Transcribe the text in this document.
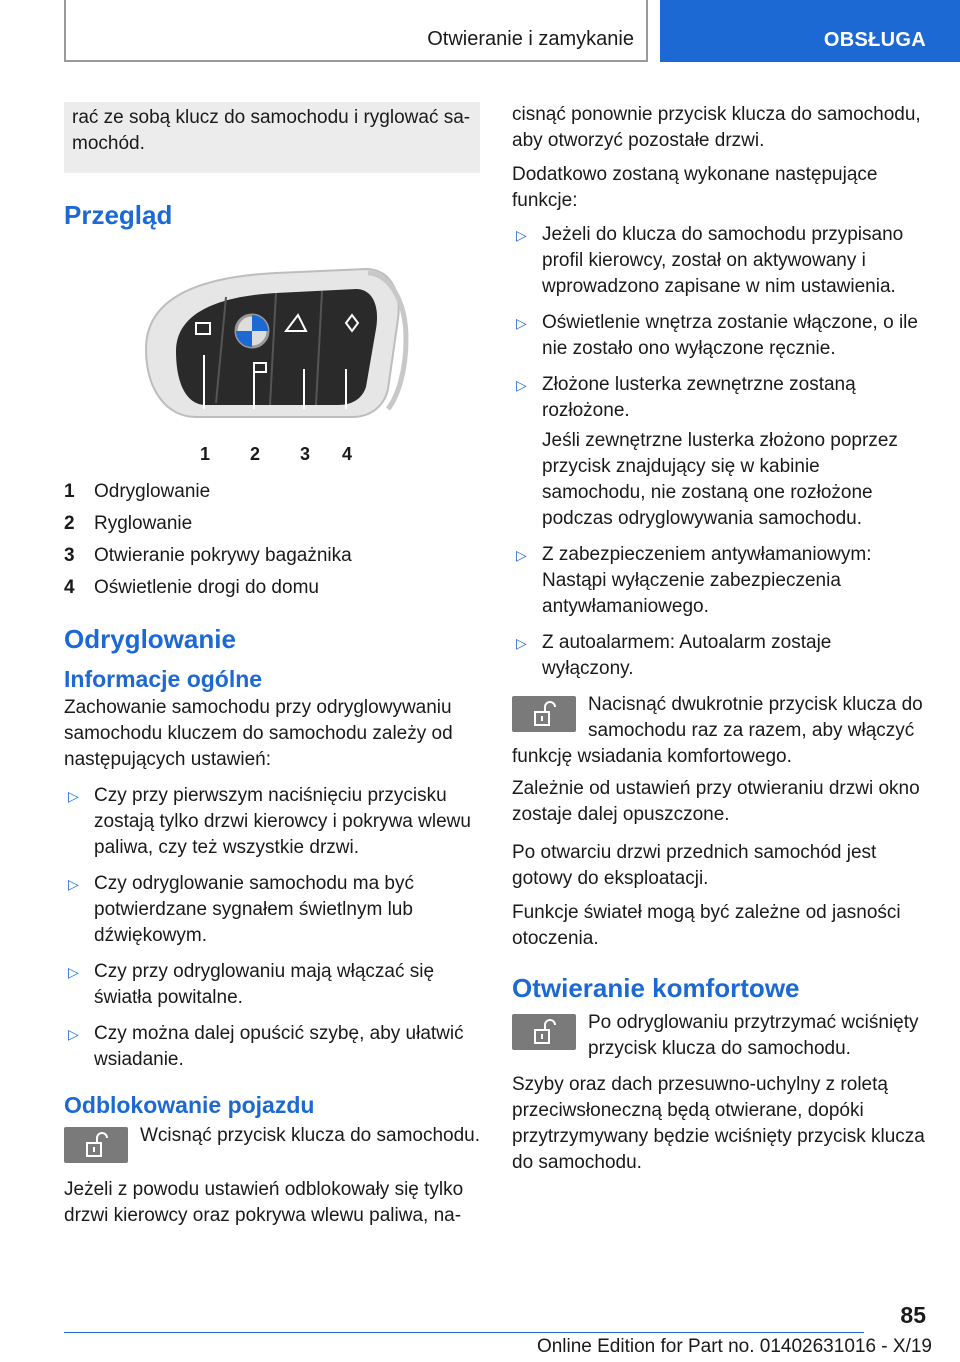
Otwieranie i zamykanie	OBSŁUGA

rać ze sobą klucz do samochodu i ryglować sa-mochód.

Przegląd
1 2 3 4
1	Odryglowanie
2	Ryglowanie
3	Otwieranie pokrywy bagażnika
4	Oświetlenie drogi do domu
Odryglowanie
Informacje ogólne

Zachowanie samochodu przy odryglowywaniu samochodu kluczem do samochodu zależy od następujących ustawień:

▷ Czy przy pierwszym naciśnięciu przycisku zostają tylko drzwi kierowcy i pokrywa wlewu paliwa, czy też wszystkie drzwi.
▷ Czy odryglowanie samochodu ma być potwierdzane sygnałem świetlnym lub dźwiękowym.
▷ Czy przy odryglowaniu mają włączać się światła powitalne.
▷ Czy można dalej opuścić szybę, aby ułatwić wsiadanie.
Odblokowanie pojazdu
Wcisnąć przycisk klucza do samochodu.

Jeżeli z powodu ustawień odblokowały się tylko drzwi kierowcy oraz pokrywa wlewu paliwa, na-

cisnąć ponownie przycisk klucza do samochodu, aby otworzyć pozostałe drzwi.

Dodatkowo zostaną wykonane następujące funkcje:

▷ Jeżeli do klucza do samochodu przypisano profil kierowcy, został on aktywowany i wprowadzono zapisane w nim ustawienia.
▷ Oświetlenie wnętrza zostanie włączone, o ile nie zostało ono wyłączone ręcznie.
▷ Złożone lusterka zewnętrzne zostaną rozłożone.

Jeśli zewnętrzne lusterka złożono poprzez przycisk znajdujący się w kabinie samochodu, nie zostaną one rozłożone podczas odryglowywania samochodu.

▷ Z zabezpieczeniem antywłamaniowym: Nastąpi wyłączenie zabezpieczenia antywłamaniowego.
▷ Z autoalarmem: Autoalarm zostaje wyłączony.
Nacisnąć dwukrotnie przycisk klucza do samochodu raz za razem, aby włączyć funkcję wsiadania komfortowego.

Zależnie od ustawień przy otwieraniu drzwi okno zostaje dalej opuszczone.

Po otwarciu drzwi przednich samochód jest gotowy do eksploatacji.

Funkcje świateł mogą być zależne od jasności otoczenia.

Otwieranie komfortowe
Po odryglowaniu przytrzymać wciśnięty przycisk klucza do samochodu.

Szyby oraz dach przesuwno-uchylny z roletą przeciwsłoneczną będą otwierane, dopóki przytrzymywany będzie wciśnięty przycisk klucza do samochodu.

85
Online Edition for Part no. 01402631016 - X/19
